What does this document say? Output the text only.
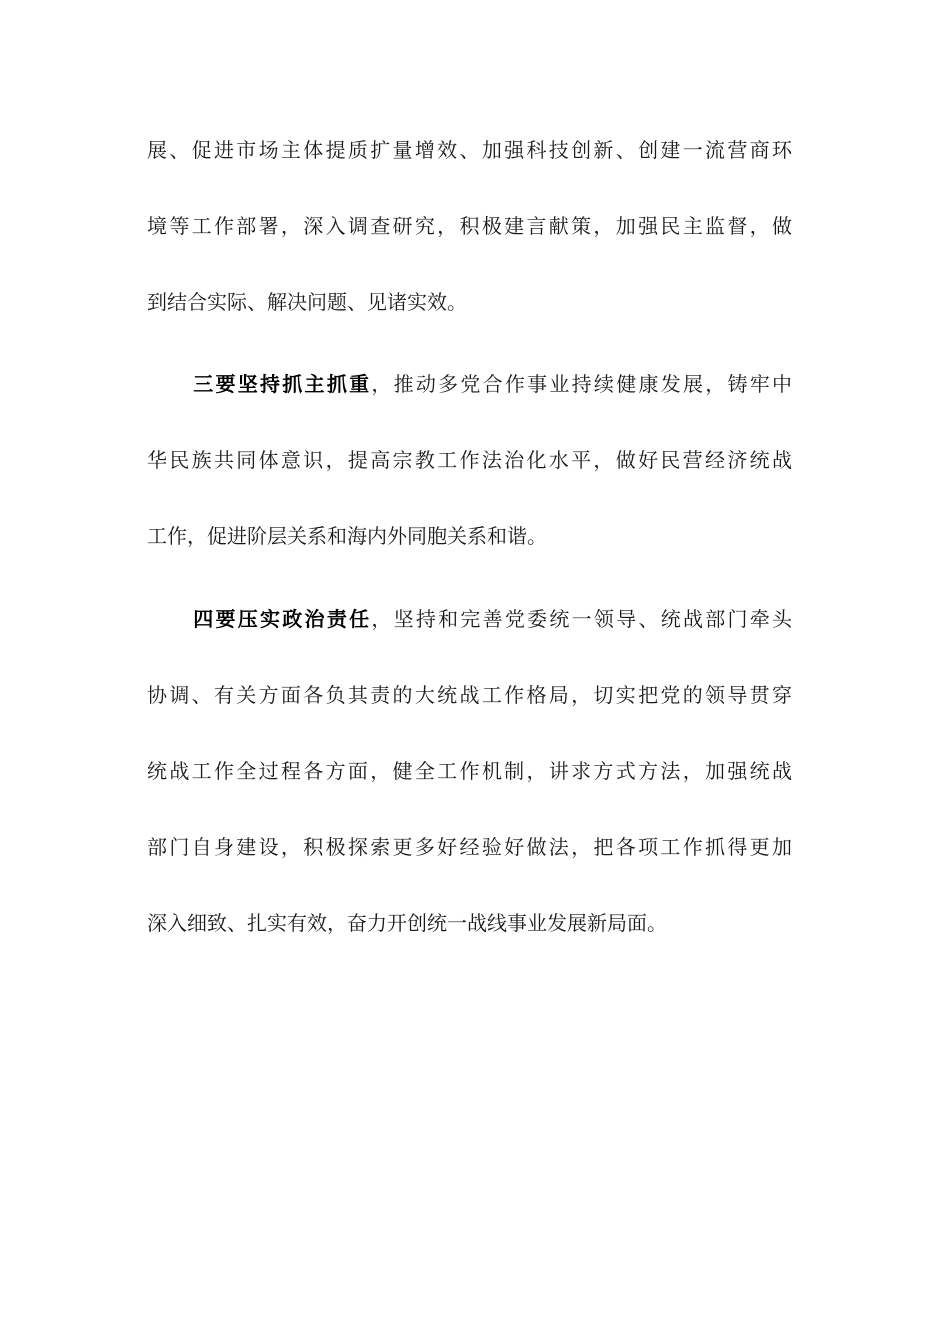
展、促进市场主体提质扩量增效、加强科技创新、创建一流营商环
境等工作部署，深入调查研究，积极建言献策，加强民主监督，做
到结合实际、解决问题、见诸实效。
三要坚持抓主抓重，推动多党合作事业持续健康发展，铸牢中
华民族共同体意识，提高宗教工作法治化水平，做好民营经济统战
工作，促进阶层关系和海内外同胞关系和谐。
四要压实政治责任，坚持和完善党委统一领导、统战部门牵头
协调、有关方面各负其责的大统战工作格局，切实把党的领导贯穿
统战工作全过程各方面，健全工作机制，讲求方式方法，加强统战
部门自身建设，积极探索更多好经验好做法，把各项工作抓得更加
深入细致、扎实有效，奋力开创统一战线事业发展新局面。
